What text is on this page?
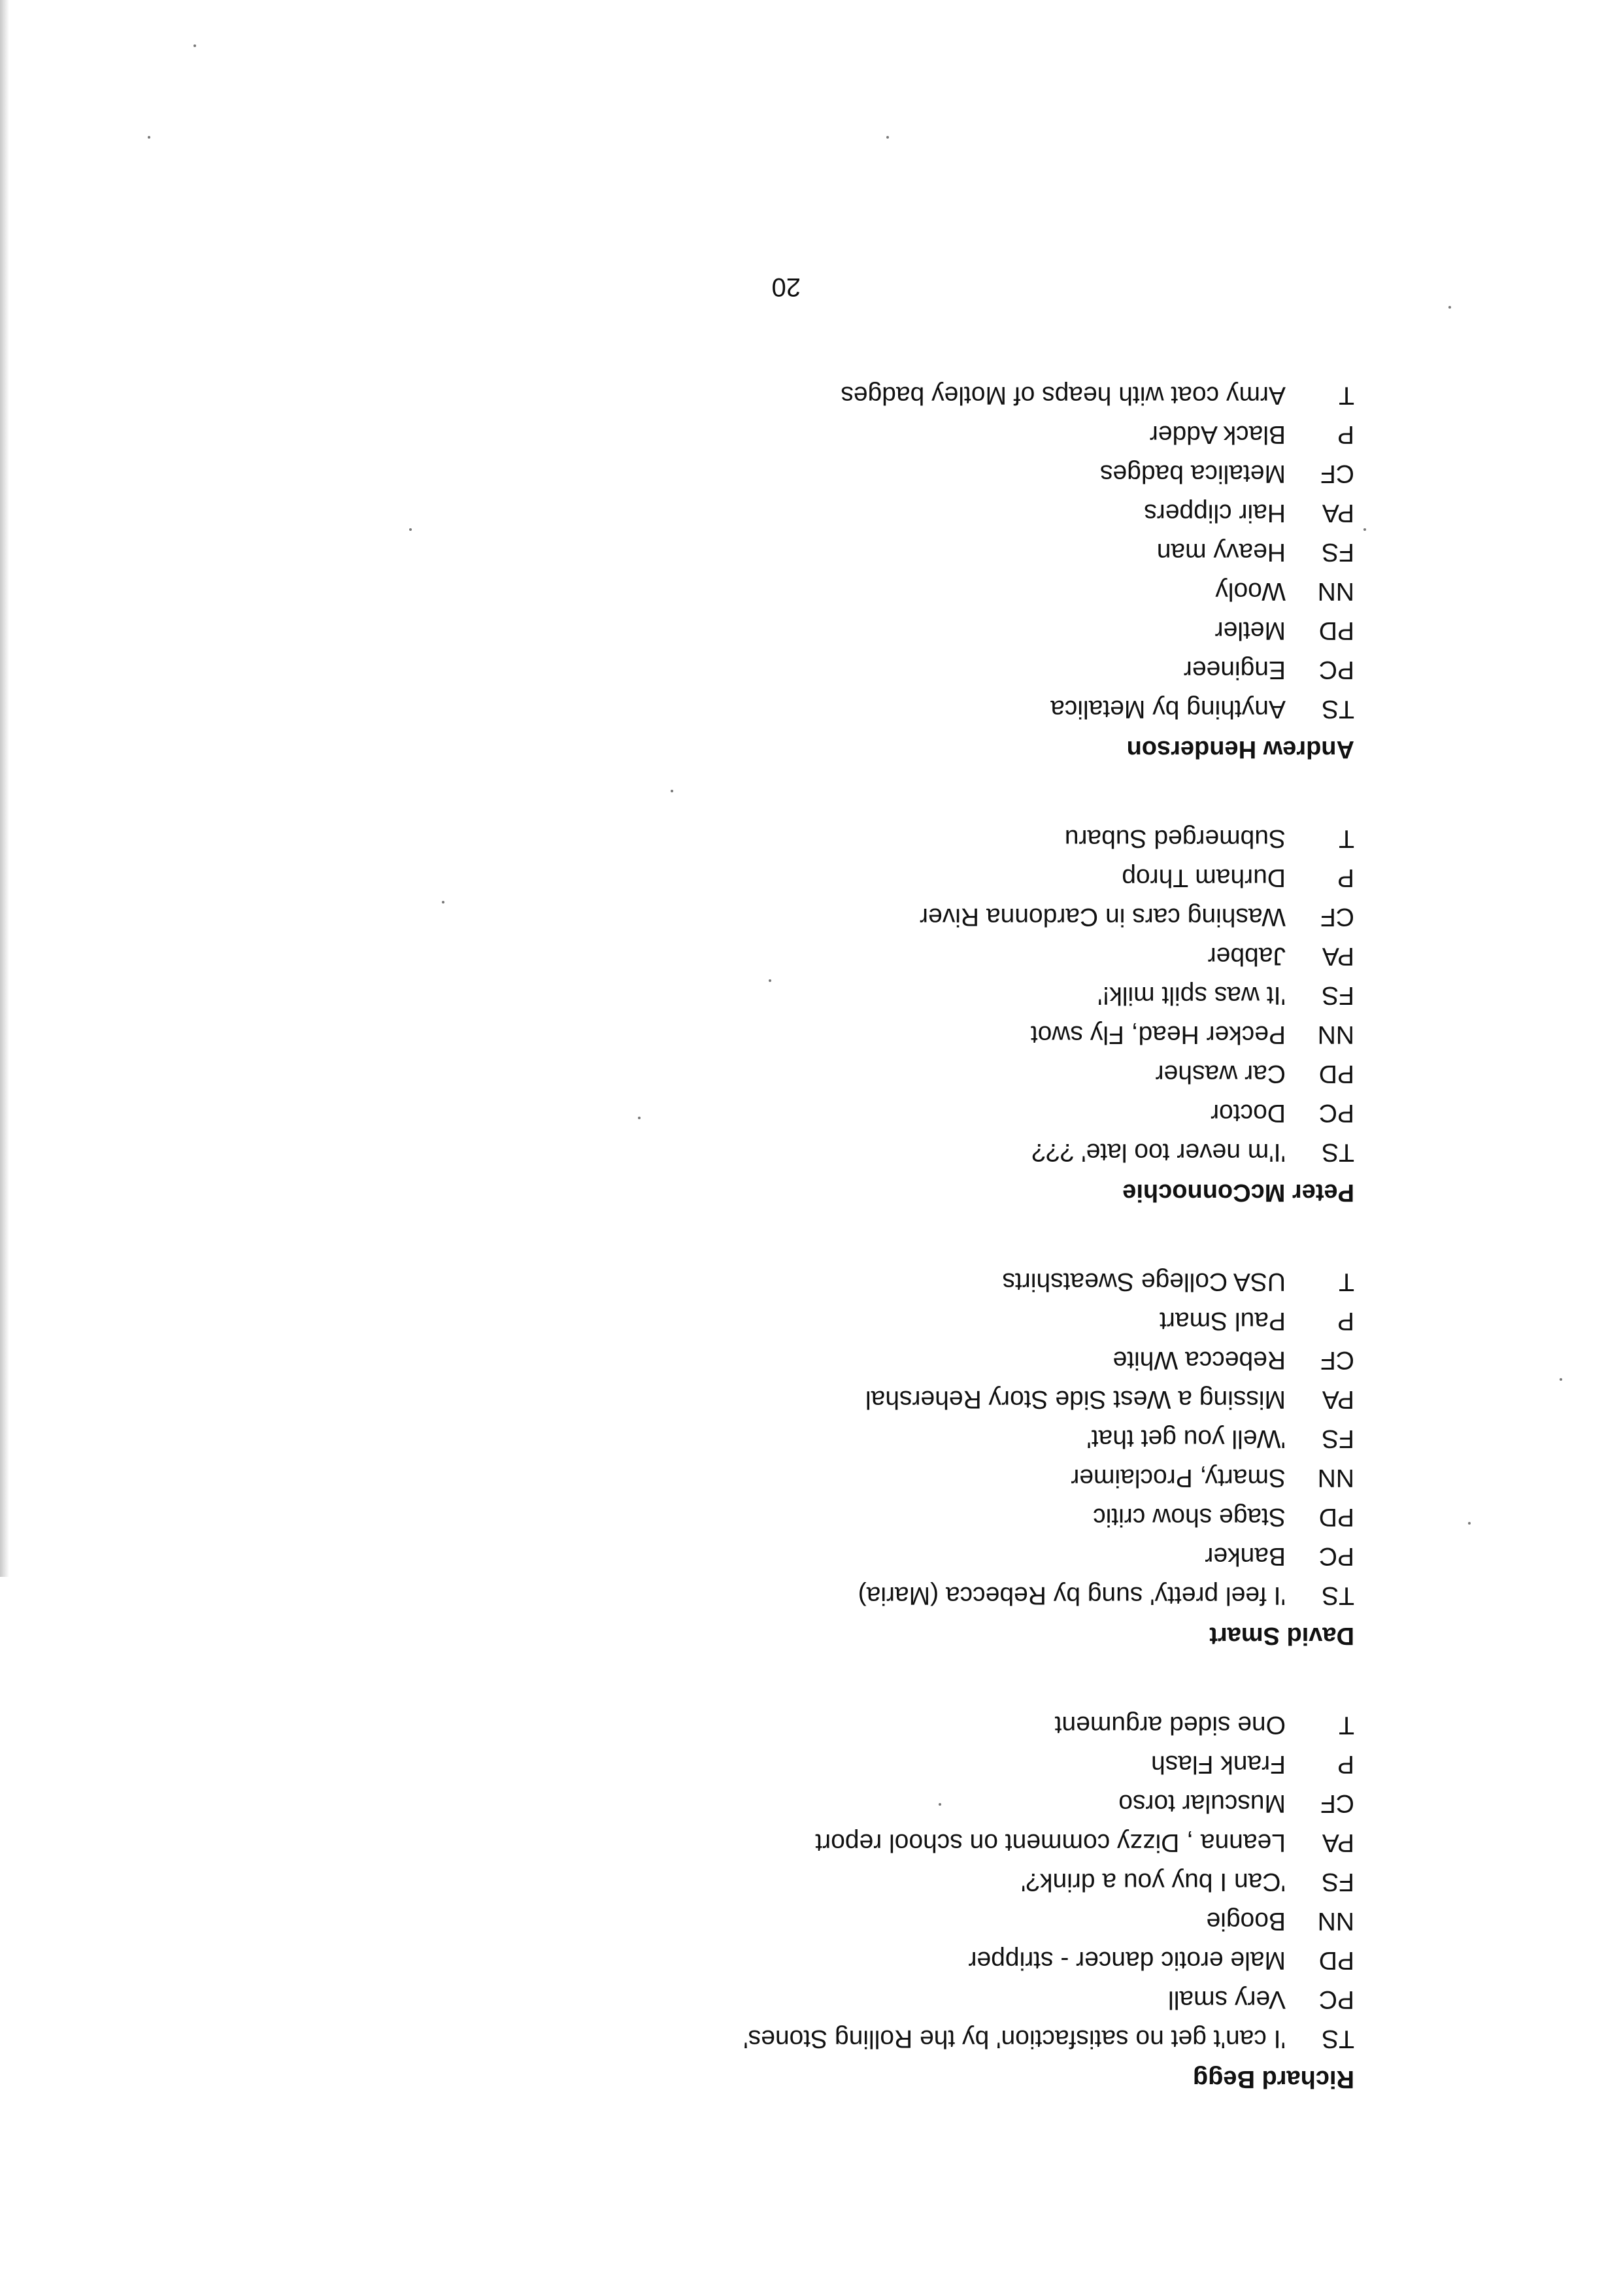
Richard Begg
TS
'I can't get no satisfaction' by the Rolling Stones'
PC
Very small
PD
Male erotic dancer - stripper
NN
Boogie
FS
'Can I buy you a drink?'
PA
Leanna , Dizzy comment on school report
CF
Muscular torso
P
Frank Flash
T
One sided argument
David Smart
TS
'I feel pretty' sung by Rebecca (Maria)
PC
Banker
PD
Stage show critic
NN
Smarty, Proclaimer
FS
'Well you get that'
PA
Missing a West Side Story Rehershal
CF
Rebecca White
P
Paul Smart
T
USA College Sweatshirts
Peter McConnochie
TS
'I'm never too late' ???
PC
Doctor
PD
Car washer
NN
Pecker Head, Fly swot
FS
'It was spilt milk!'
PA
Jabber
CF
Washing cars in Cardonna River
P
Durham Throp
T
Submerged Subaru
Andrew Henderson
TS
Anything by Metalica
PC
Engineer
PD
Metler
NN
Wooly
FS
Heavy man
PA
Hair clippers
CF
Metalica badges
P
Black Adder
T
Army coat with heaps of Motley badges
20
